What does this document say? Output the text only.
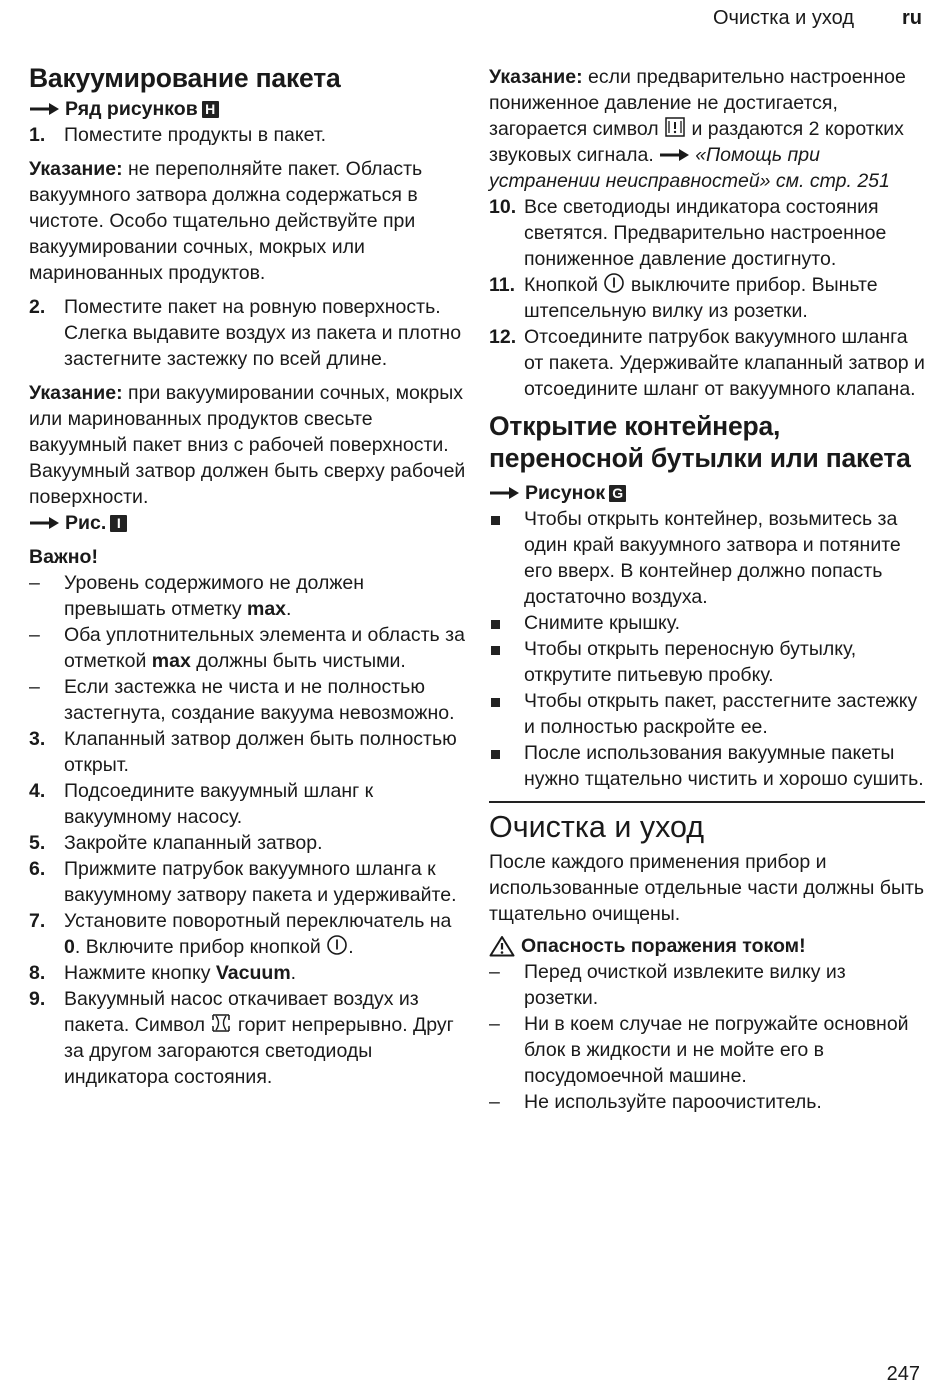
Очистка и уход ru
Вакуумирование пакета
Ряд рисунков H
1. Поместите продукты в пакет.

Указание: не переполняйте пакет. Область вакуумного затвора должна содержаться в чистоте. Особо тщательно действуйте при вакуумировании сочных, мокрых или маринованных продуктов.

2. Поместите пакет на ровную поверхность. Слегка выдавите воздух из пакета и плотно застегните застежку по всей длине.

Указание: при вакуумировании сочных, мокрых или маринованных продуктов свесьте вакуумный пакет вниз с рабочей поверхности. Вакуумный затвор должен быть сверху рабочей поверхности.

Рис. I

Важно!

–	Уровень содержимого не должен превышать отметку max.
–	Оба уплотнительных элемента и область за отметкой max должны быть чистыми.
–	Если застежка не чиста и не полностью застегнута, создание вакуума невозможно.
3. Клапанный затвор должен быть полностью открыт.
4. Подсоедините вакуумный шланг к вакуумному насосу.
5. Закройте клапанный затвор.
6. Прижмите патрубок вакуумного шланга к вакуумному затвору пакета и удерживайте.
7. Установите поворотный переключатель на 0. Включите прибор кнопкой .
8. Нажмите кнопку Vacuum.
9. Вакуумный насос откачивает воздух из пакета. Символ  горит непрерывно. Друг за другом загораются светодиоды индикатора состояния.

Указание: если предварительно настроенное пониженное давление не достигается, загорается символ  и раздаются 2 коротких звуковых сигнала. «Помощь при устранении неисправностей» см. стр. 251

10. Все светодиоды индикатора состояния светятся. Предварительно настроенное пониженное давление достигнуто.
11. Кнопкой  выключите прибор. Выньте штепсельную вилку из розетки.
12. Отсоедините патрубок вакуумного шланга от пакета. Удерживайте клапанный затвор и отсоедините шланг от вакуумного клапана.
Открытие контейнера, переносной бутылки или пакета
Рисунок G
Чтобы открыть контейнер, возьмитесь за один край вакуумного затвора и потяните его вверх. В контейнер должно попасть достаточно воздуха.
Снимите крышку.
Чтобы открыть переносную бутылку, открутите питьевую пробку.
Чтобы открыть пакет, расстегните застежку и полностью раскройте ее.
После использования вакуумные пакеты нужно тщательно чистить и хорошо сушить.
Очистка и уход

После каждого применения прибор и использованные отдельные части должны быть тщательно очищены.

Опасность поражения током!
–	Перед очисткой извлеките вилку из розетки.
–	Ни в коем случае не погружайте основной блок в жидкости и не мойте его в посудомоечной машине.
–	Не используйте пароочиститель.
247
